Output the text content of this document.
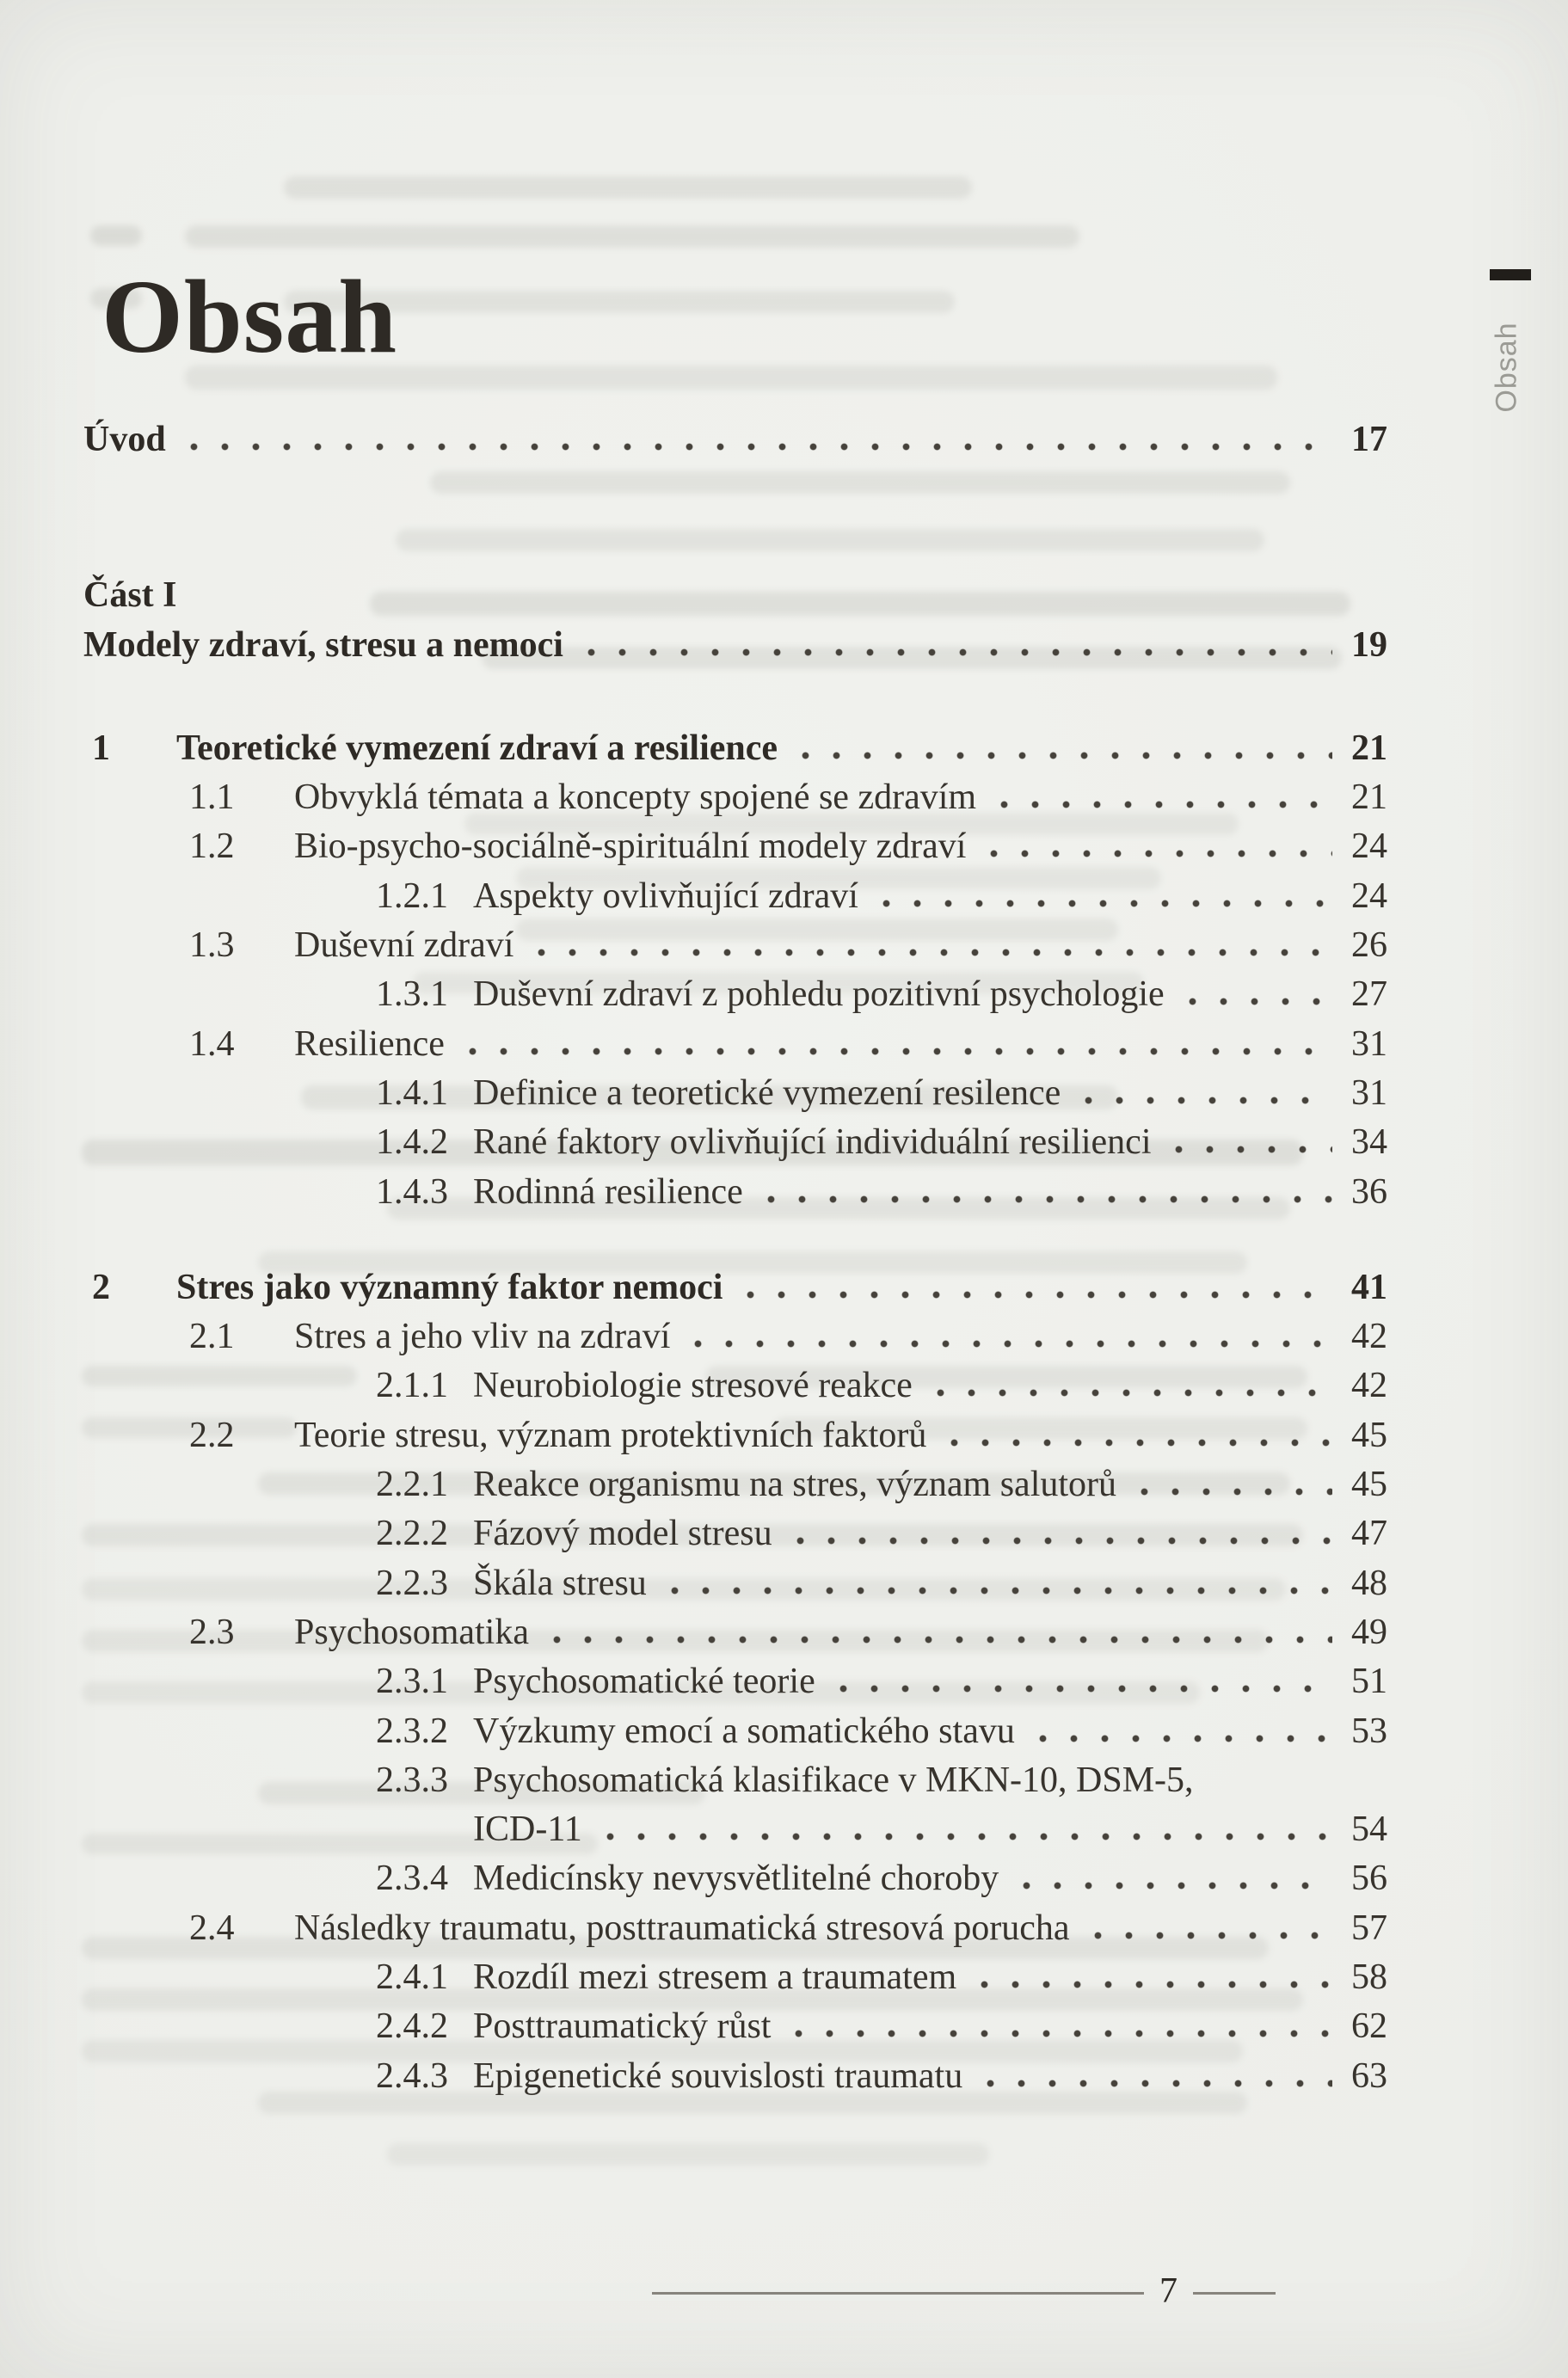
Obsah
Úvod	17
Část I
Modely zdraví, stresu a nemoci	19
1	Teoretické vymezení zdraví a resilience	21
1.1	Obvyklá témata a koncepty spojené se zdravím	21
1.2	Bio-psycho-sociálně-spirituální modely zdraví	24
1.2.1 Aspekty ovlivňující zdraví	24
1.3	Duševní zdraví	26
1.3.1 Duševní zdraví z pohledu pozitivní psychologie	27
1.4	Resilience	31
1.4.1 Definice a teoretické vymezení resilence	31
1.4.2 Rané faktory ovlivňující individuální resilienci	34
1.4.3 Rodinná resilience	36
2	Stres jako významný faktor nemoci	41
2.1	Stres a jeho vliv na zdraví	42
2.1.1 Neurobiologie stresové reakce	42
2.2	Teorie stresu, význam protektivních faktorů	45
2.2.1 Reakce organismu na stres, význam salutorů	45
2.2.2 Fázový model stresu	47
2.2.3 Škála stresu	48
2.3	Psychosomatika	49
2.3.1 Psychosomatické teorie	51
2.3.2 Výzkumy emocí a somatického stavu	53
2.3.3 Psychosomatická klasifikace v MKN-10, DSM-5,
ICD-11	54
2.3.4 Medicínsky nevysvětlitelné choroby	56
2.4	Následky traumatu, posttraumatická stresová porucha	57
2.4.1 Rozdíl mezi stresem a traumatem	58
2.4.2 Posttraumatický růst	62
2.4.3 Epigenetické souvislosti traumatu	63
Obsah
7
